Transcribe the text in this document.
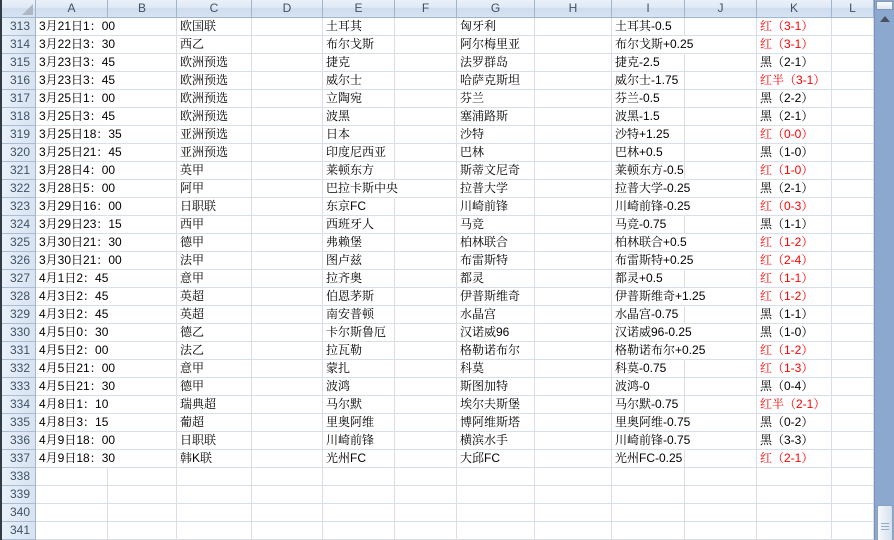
A	B	C	D	E	F	G	H	I	J	K	L
313 3月21日1：00	欧国联	土耳其	匈牙利	土耳其-0.5	红（3-1）
314 3月22日3：30	西乙	布尔戈斯	阿尔梅里亚	布尔戈斯+0.25	红（3-1）
315 3月23日3：45	欧洲预选	捷克	法罗群岛	捷克-2.5	黑（2-1）
316 3月23日3：45	欧洲预选	威尔士	哈萨克斯坦	威尔士-1.75	红半（3-1）
317 3月25日1：00	欧洲预选	立陶宛	芬兰	芬兰-0.5	黑（2-2）
318 3月25日3：45	欧洲预选	波黑	塞浦路斯	波黑-1.5	黑（2-1）
319 3月25日18：35	亚洲预选	日本	沙特	沙特+1.25	红（0-0）
320 3月25日21：45	亚洲预选	印度尼西亚	巴林	巴林+0.5	黑（1-0）
321 3月28日4：00	英甲	莱顿东方	斯蒂文尼奇	莱顿东方-0.5	红（1-0）
322 3月28日5：00	阿甲	巴拉卡斯中央	拉普大学	拉普大学-0.25	黑（2-1）
323 3月29日16：00	日职联	东京FC	川崎前锋	川崎前锋-0.25	红（0-3）
324 3月29日23：15	西甲	西班牙人	马竞	马竞-0.75	黑（1-1）
325 3月30日21：30	德甲	弗赖堡	柏林联合	柏林联合+0.5	红（1-2）
326 3月30日21：00	法甲	图卢兹	布雷斯特	布雷斯特+0.25	红（2-4）
327 4月1日2：45	意甲	拉齐奥	都灵	都灵+0.5	红（1-1）
328 4月3日2：45	英超	伯恩茅斯	伊普斯维奇	伊普斯维奇+1.25	红（1-2）
329 4月3日2：45	英超	南安普顿	水晶宫	水晶宫-0.75	黑（1-1）
330 4月5日0：30	德乙	卡尔斯鲁厄	汉诺威96	汉诺威96-0.25	黑（1-0）
331 4月5日2：00	法乙	拉瓦勒	格勒诺布尔	格勒诺布尔+0.25	红（1-2）
332 4月5日21：00	意甲	蒙扎	科莫	科莫-0.75	红（1-3）
333 4月5日21：30	德甲	波鸿	斯图加特	波鸿-0	黑（0-4）
334 4月8日1：10	瑞典超	马尔默	埃尔夫斯堡	马尔默-0.75	红半（2-1）
335 4月8日3：15	葡超	里奥阿维	博阿维斯塔	里奥阿维-0.75	黑（0-2）
336 4月9日18：00	日职联	川崎前锋	横滨水手	川崎前锋-0.75	黑（3-3）
337 4月9日18：30	韩K联	光州FC	大邱FC	光州FC-0.25	红（2-1）
338
339
340
341
